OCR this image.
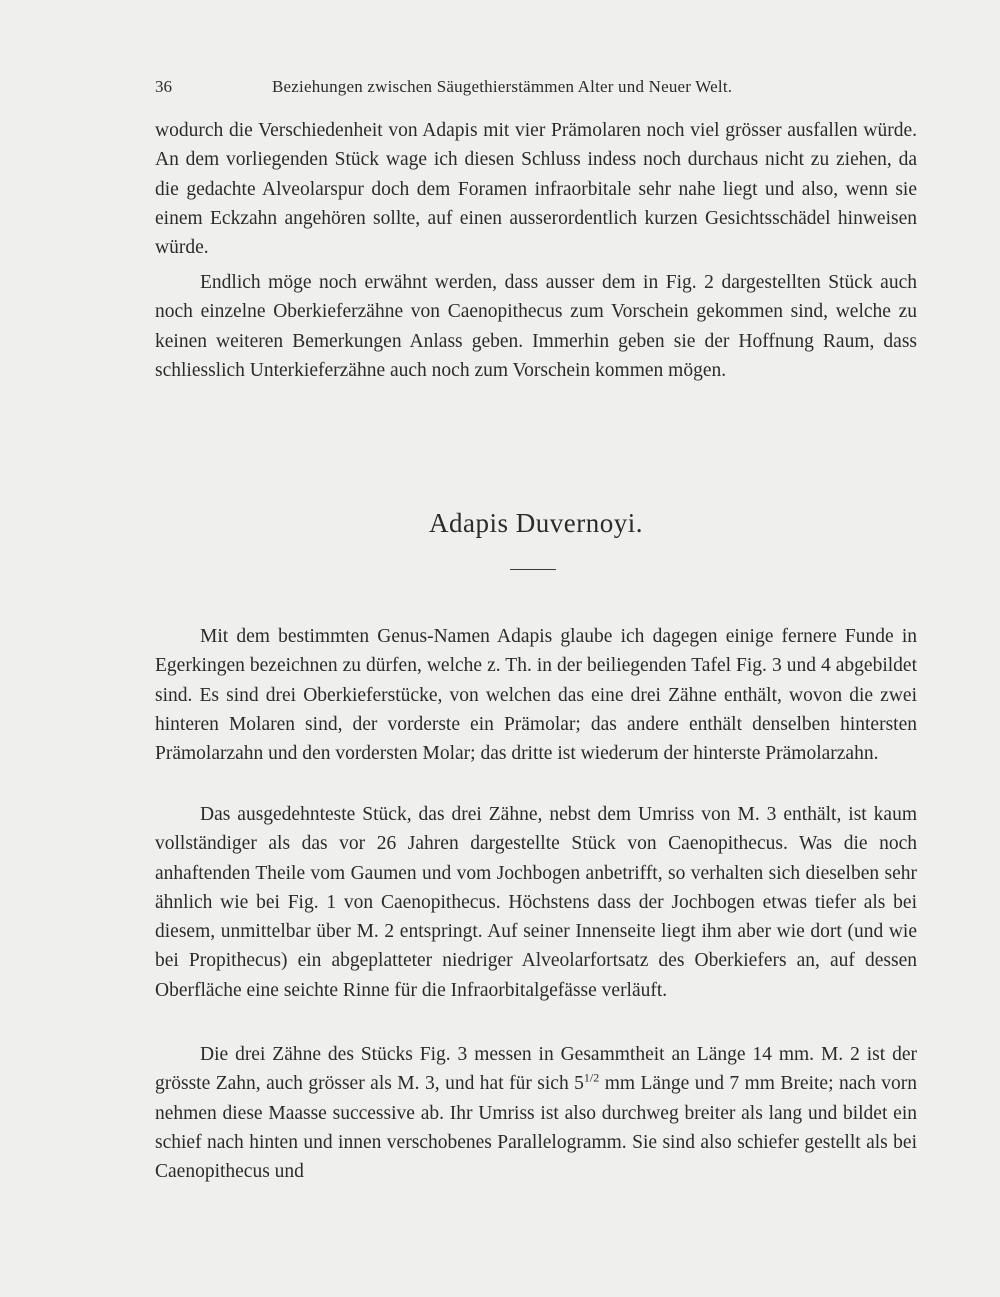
36	Beziehungen zwischen Säugethierstämmen Alter und Neuer Welt.

wodurch die Verschiedenheit von Adapis mit vier Prämolaren noch viel grösser ausfallen würde. An dem vorliegenden Stück wage ich diesen Schluss indess noch durchaus nicht zu ziehen, da die gedachte Alveolarspur doch dem Foramen infraorbitale sehr nahe liegt und also, wenn sie einem Eckzahn angehören sollte, auf einen ausserordentlich kurzen Gesichtsschädel hinweisen würde.

Endlich möge noch erwähnt werden, dass ausser dem in Fig. 2 dargestellten Stück auch noch einzelne Oberkieferzähne von Caenopithecus zum Vorschein gekommen sind, welche zu keinen weiteren Bemerkungen Anlass geben. Immerhin geben sie der Hoffnung Raum, dass schliesslich Unterkieferzähne auch noch zum Vorschein kommen mögen.

Adapis Duvernoyi.

Mit dem bestimmten Genus-Namen Adapis glaube ich dagegen einige fernere Funde in Egerkingen bezeichnen zu dürfen, welche z. Th. in der beiliegenden Tafel Fig. 3 und 4 abgebildet sind. Es sind drei Oberkieferstücke, von welchen das eine drei Zähne enthält, wovon die zwei hinteren Molaren sind, der vorderste ein Prämolar; das andere enthält denselben hintersten Prämolarzahn und den vordersten Molar; das dritte ist wiederum der hinterste Prämolarzahn.

Das ausgedehnteste Stück, das drei Zähne, nebst dem Umriss von M. 3 enthält, ist kaum vollständiger als das vor 26 Jahren dargestellte Stück von Caenopithecus. Was die noch anhaftenden Theile vom Gaumen und vom Jochbogen anbetrifft, so verhalten sich dieselben sehr ähnlich wie bei Fig. 1 von Caenopithecus. Höchstens dass der Jochbogen etwas tiefer als bei diesem, unmittelbar über M. 2 entspringt. Auf seiner Innenseite liegt ihm aber wie dort (und wie bei Propithecus) ein abgeplatteter niedriger Alveolarfortsatz des Oberkiefers an, auf dessen Oberfläche eine seichte Rinne für die Infraorbitalgefässe verläuft.

Die drei Zähne des Stücks Fig. 3 messen in Gesammtheit an Länge 14 mm. M. 2 ist der grösste Zahn, auch grösser als M. 3, und hat für sich $5^{1/2}$ mm Länge und 7 mm Breite; nach vorn nehmen diese Maasse successive ab. Ihr Umriss ist also durchweg breiter als lang und bildet ein schief nach hinten und innen verschobenes Parallelogramm. Sie sind also schiefer gestellt als bei Caenopithecus und
